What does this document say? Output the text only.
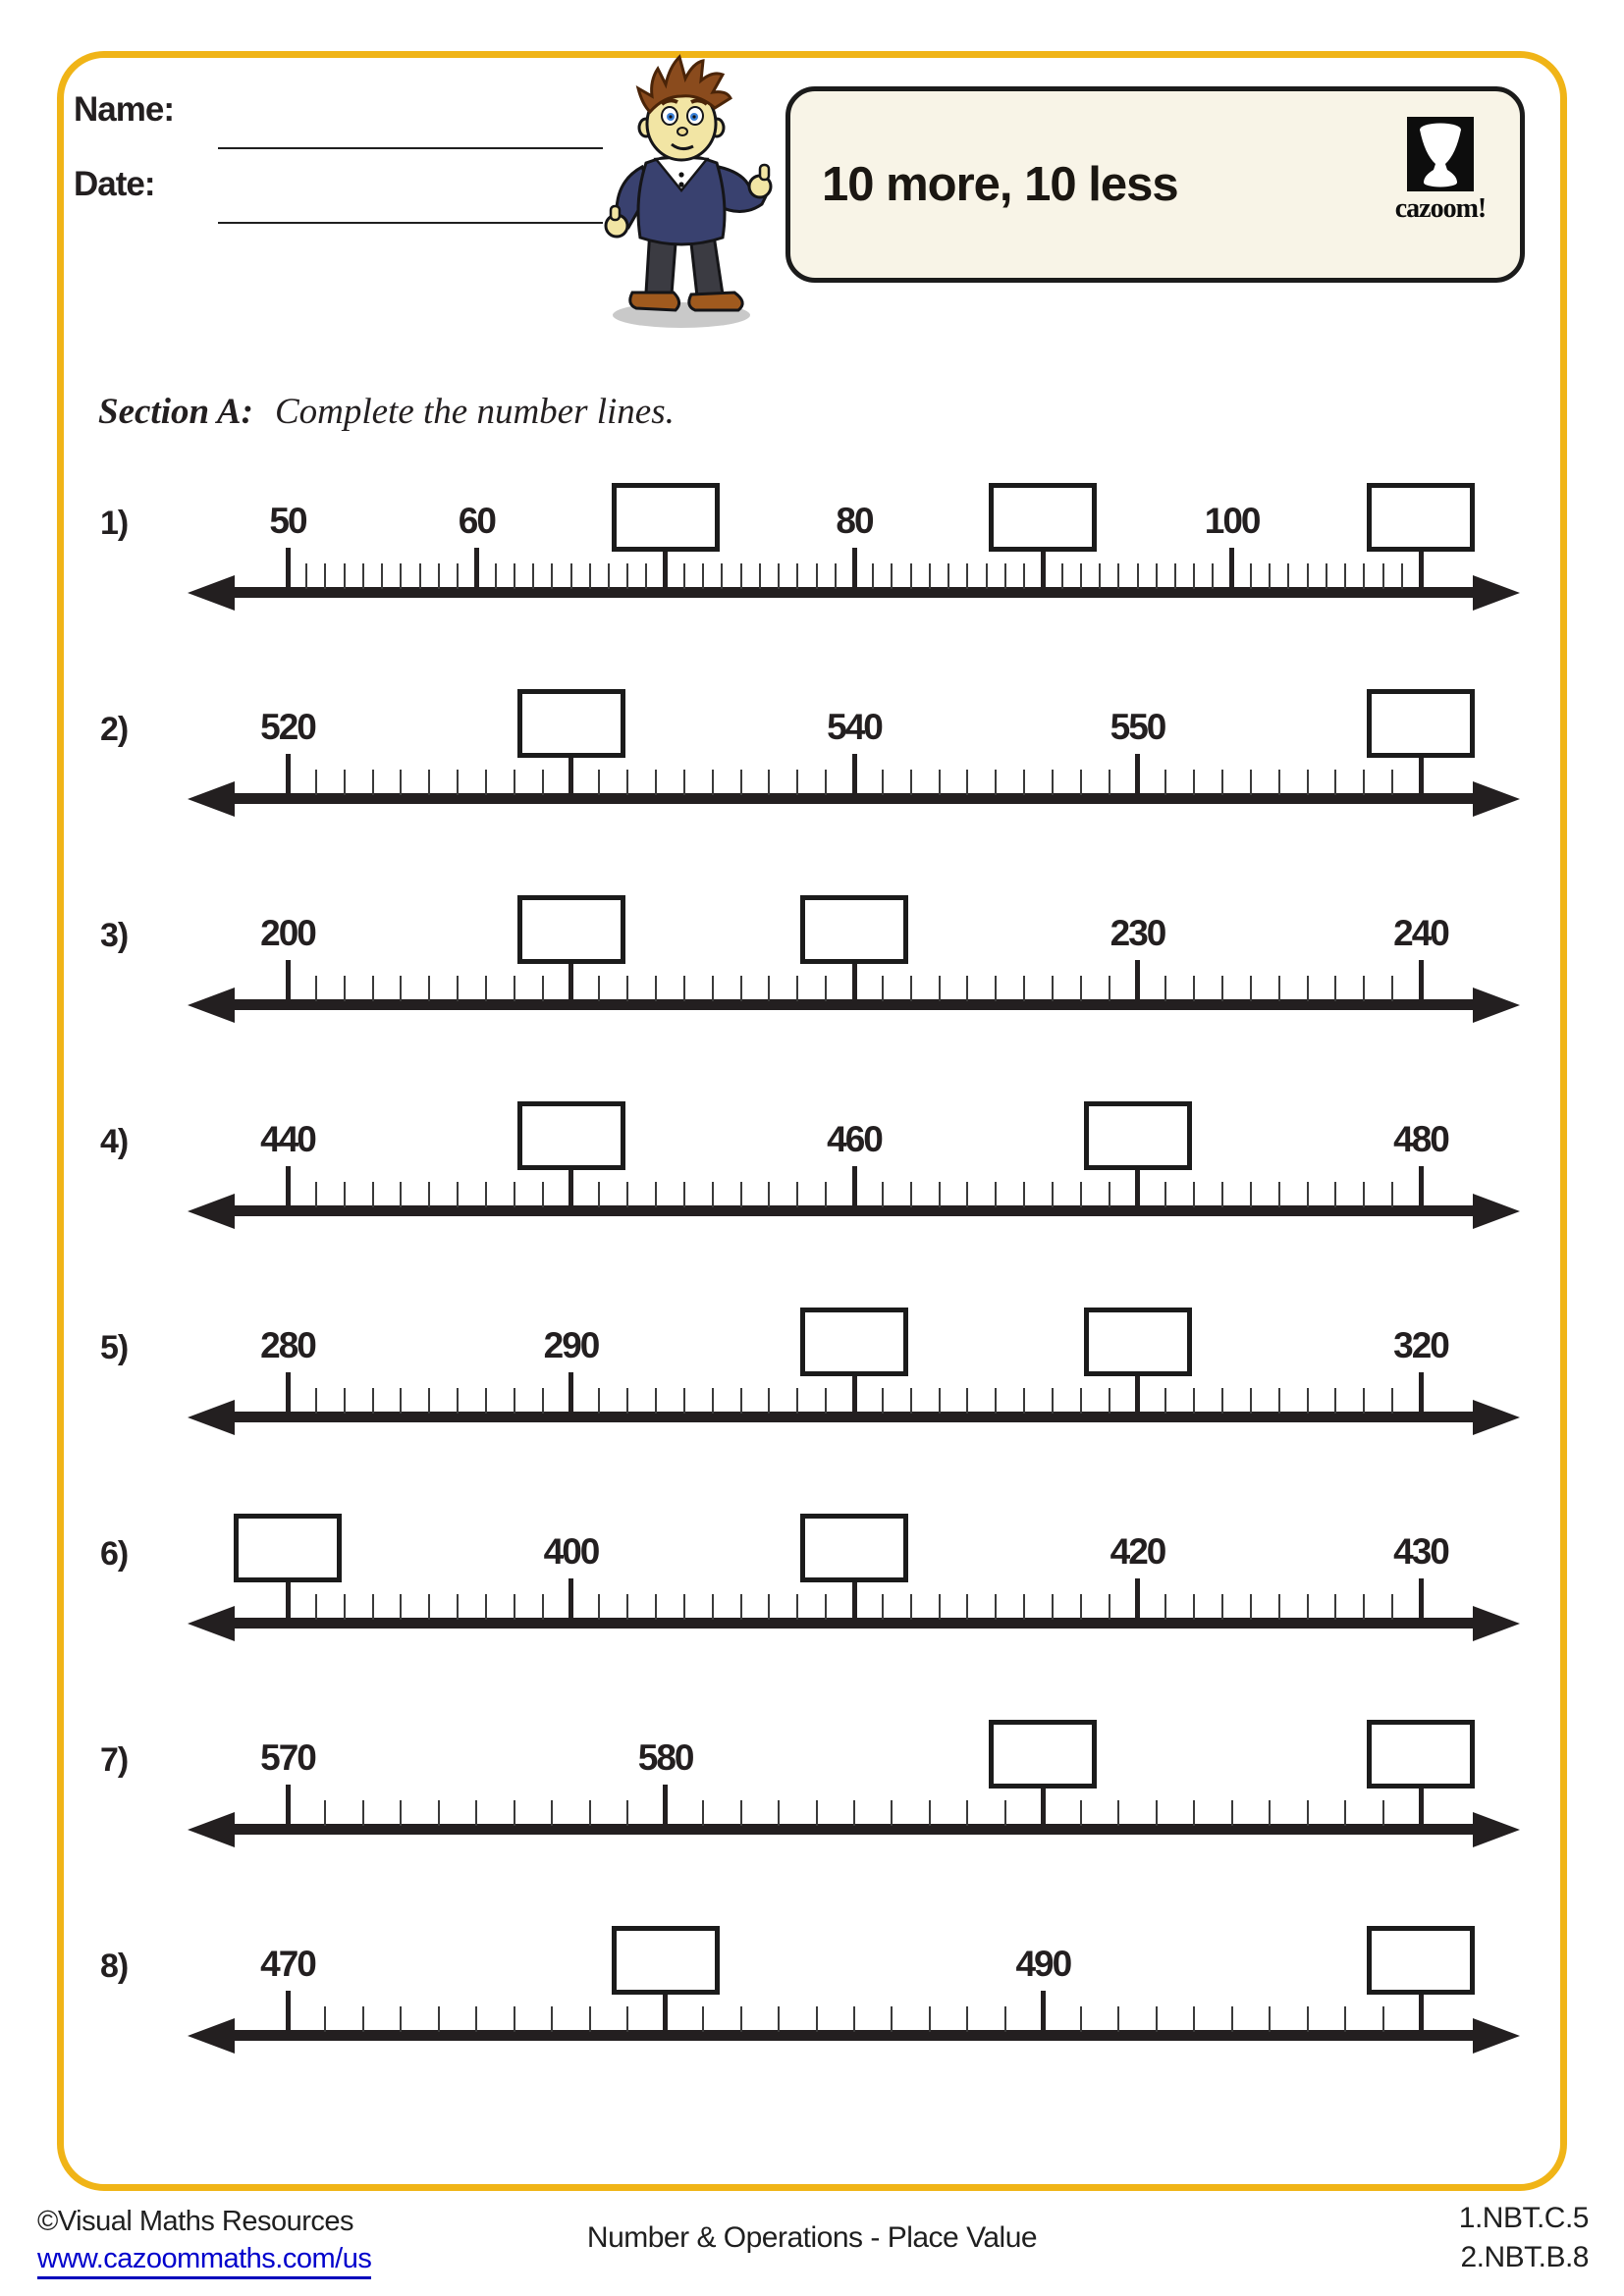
Name:
Date:	10 more, 10 less	cazoom!
Section A: Complete the number lines.
1)	50	60	80	100
2)	520	540	550
3)	200	230	240
4)	440	460	480
5)	280	290	320
6)	400	420	430
7)	570	580
8)	470	490
©Visual Maths Resources
www.cazoommaths.com/us
Number & Operations - Place Value
1.NBT.C.5
2.NBT.B.8
